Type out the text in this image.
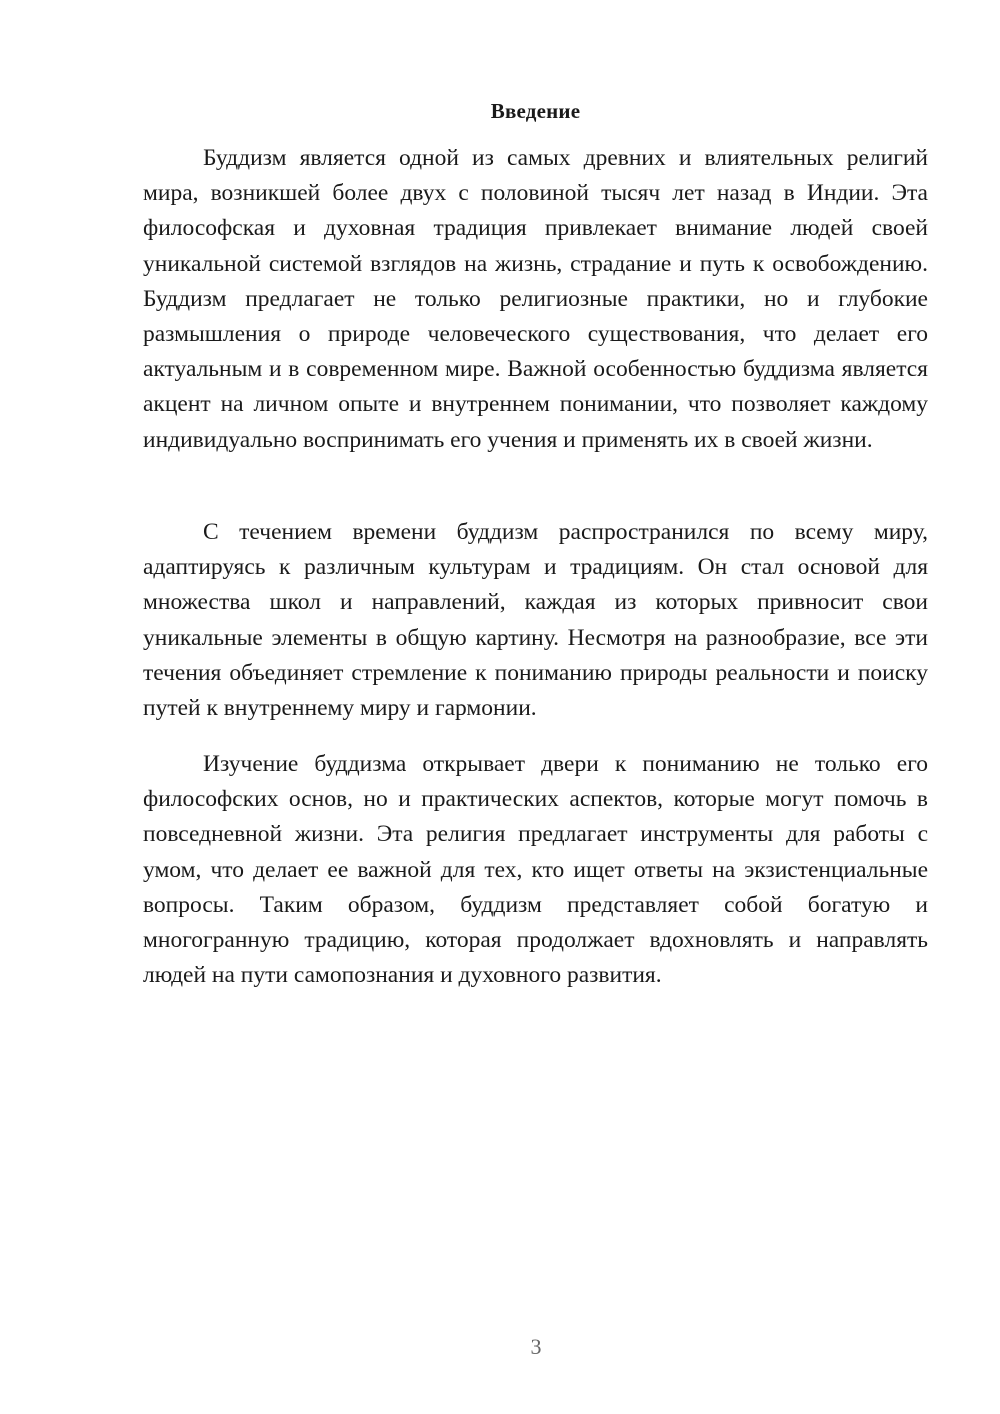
Введение

Буддизм является одной из самых древних и влиятельных религий мира, возникшей более двух с половиной тысяч лет назад в Индии. Эта философская и духовная традиция привлекает внимание людей своей уникальной системой взглядов на жизнь, страдание и путь к освобождению. Буддизм предлагает не только религиозные практики, но и глубокие размышления о природе человеческого существования, что делает его актуальным и в современном мире. Важной особенностью буддизма является акцент на личном опыте и внутреннем понимании, что позволяет каждому индивидуально воспринимать его учения и применять их в своей жизни.

С течением времени буддизм распространился по всему миру, адаптируясь к различным культурам и традициям. Он стал основой для множества школ и направлений, каждая из которых привносит свои уникальные элементы в общую картину. Несмотря на разнообразие, все эти течения объединяет стремление к пониманию природы реальности и поиску путей к внутреннему миру и гармонии.

Изучение буддизма открывает двери к пониманию не только его философских основ, но и практических аспектов, которые могут помочь в повседневной жизни. Эта религия предлагает инструменты для работы с умом, что делает ее важной для тех, кто ищет ответы на экзистенциальные вопросы. Таким образом, буддизм представляет собой богатую и многогранную традицию, которая продолжает вдохновлять и направлять людей на пути самопознания и духовного развития.

3
